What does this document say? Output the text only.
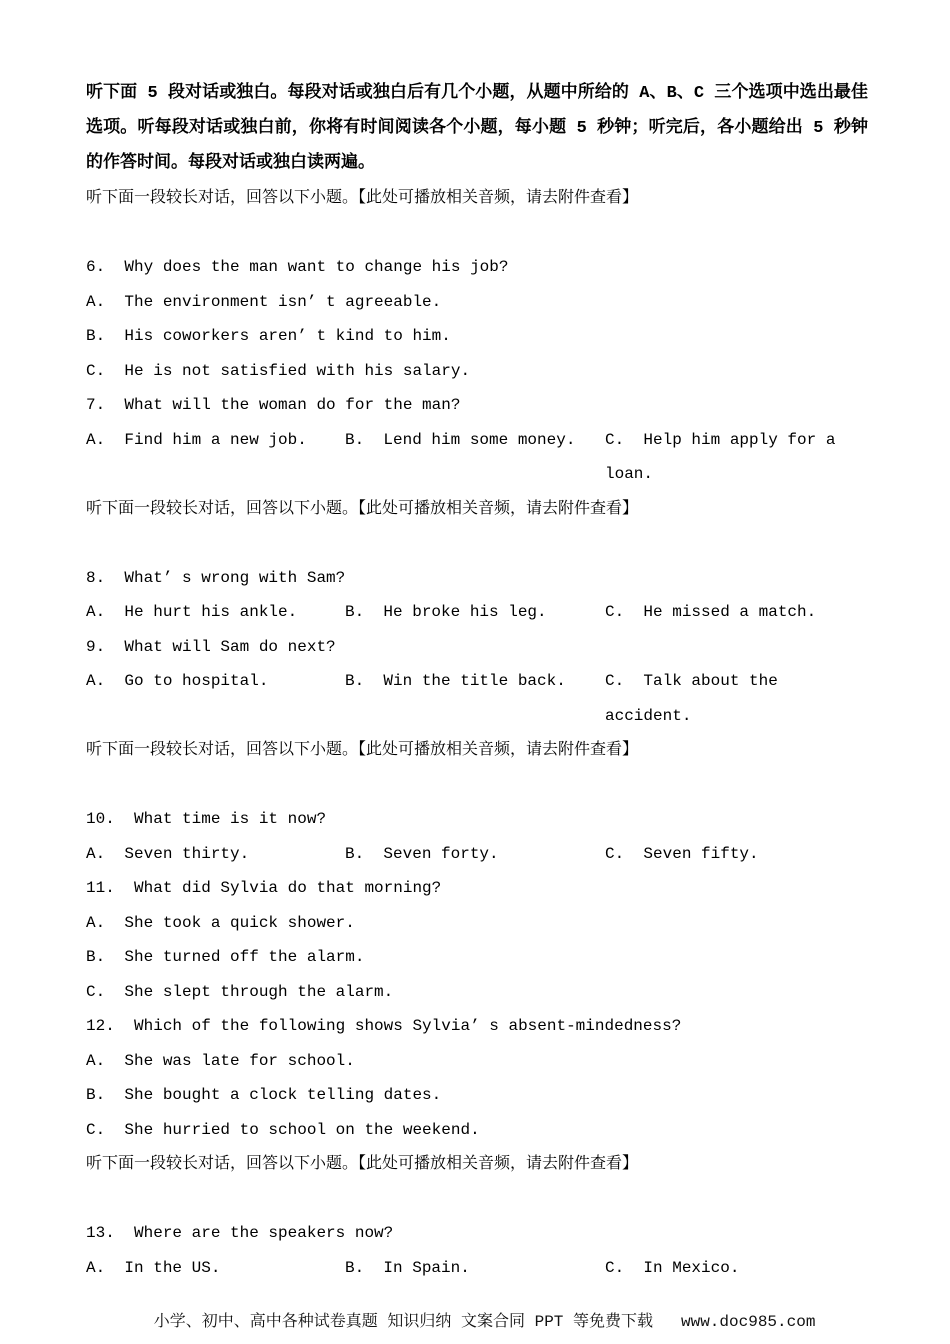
听下面 5 段对话或独白。每段对话或独白后有几个小题，从题中所给的 A、B、C 三个选项中选出最佳选项。听每段对话或独白前，你将有时间阅读各个小题，每小题 5 秒钟；听完后，各小题给出 5 秒钟的作答时间。每段对话或独白读两遍。

听下面一段较长对话，回答以下小题。【此处可播放相关音频，请去附件查看】

6.  Why does the man want to change his job?

A.  The environment isn’ t agreeable.

B.  His coworkers aren’ t kind to him.

C.  He is not satisfied with his salary.

7.  What will the woman do for the man?

A.  Find him a new job.	B.  Lend him some money.	C.  Help him apply for a loan.

听下面一段较长对话，回答以下小题。【此处可播放相关音频，请去附件查看】

8.  What’ s wrong with Sam?

A.  He hurt his ankle.	B.  He broke his leg.	C.  He missed a match.

9.  What will Sam do next?

A.  Go to hospital.	B.  Win the title back.	C.  Talk about the accident.

听下面一段较长对话，回答以下小题。【此处可播放相关音频，请去附件查看】

10.  What time is it now?

A.  Seven thirty.	B.  Seven forty.	C.  Seven fifty.

11.  What did Sylvia do that morning?

A.  She took a quick shower.

B.  She turned off the alarm.

C.  She slept through the alarm.

12.  Which of the following shows Sylvia’ s absent-mindedness?

A.  She was late for school.

B.  She bought a clock telling dates.

C.  She hurried to school on the weekend.

听下面一段较长对话，回答以下小题。【此处可播放相关音频，请去附件查看】

13.  Where are the speakers now?

A.  In the US.	B.  In Spain.	C.  In Mexico.

小学、初中、高中各种试卷真题 知识归纳 文案合同 PPT 等免费下载 www.doc985.com
